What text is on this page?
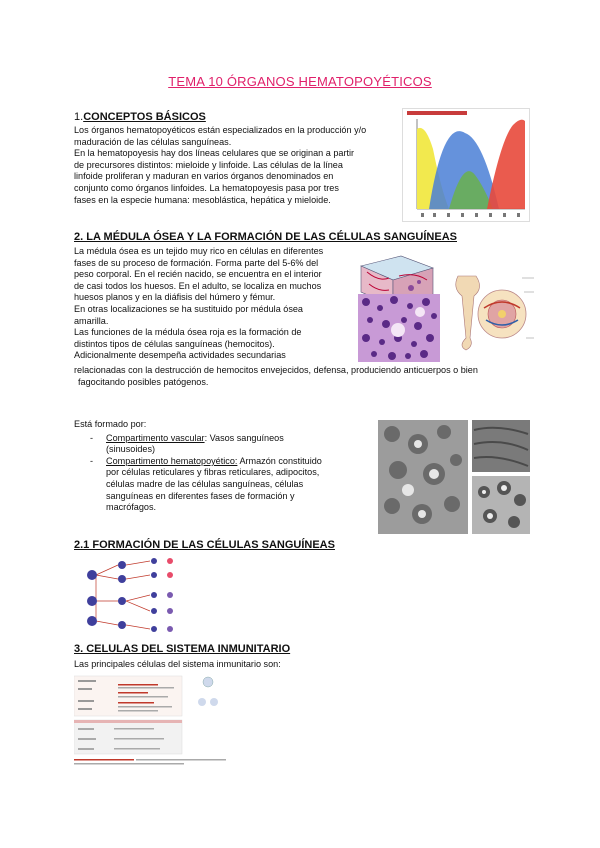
TEMA 10 ÓRGANOS HEMATOPOYÉTICOS
1.CONCEPTOS BÁSICOS

Los órganos hematopoyéticos están especializados en la producción y/o

maduración de las células sanguíneas.

En la hematopoyesis hay dos líneas celulares que se originan a partir

de precursores distintos: mieloide y linfoide. Las células de la línea

linfoide proliferan y maduran en varios órganos denominados en

conjunto como órganos linfoides. La hematopoyesis pasa por tres

fases en la especie humana: mesoblástica, hepática y mieloide.

2. LA MÉDULA ÓSEA Y LA FORMACIÓN DE LAS CÉLULAS SANGUÍNEAS

La médula ósea es un tejido muy rico en células en diferentes

fases de su proceso de formación. Forma parte del 5-6% del

peso corporal. En el recién nacido, se encuentra en el interior

de casi todos los huesos. En el adulto, se localiza en muchos

huesos planos y en la diáfisis del húmero y fémur.

En otras localizaciones se ha sustituido por médula ósea

amarilla.

Las funciones de la médula ósea roja es la formación de

distintos tipos de células sanguíneas (hemocitos).

Adicionalmente desempeña actividades secundarias

relacionadas con la destrucción de hemocitos envejecidos, defensa, produciendo anticuerpos o bien

fagocitando posibles patógenos.

Está formado por:

- Compartimento vascular: Vasos sanguíneos

(sinusoides)

- Compartimento hematopoyético: Armazón constituido

por células reticulares y fibras reticulares, adipocitos,

células madre de las células sanguíneas, células

sanguíneas en diferentes fases de formación y

macrófagos.

2.1 FORMACIÓN DE LAS CÉLULAS SANGUÍNEAS
3. CELULAS DEL SISTEMA INMUNITARIO

Las principales células del sistema inmunitario son:
